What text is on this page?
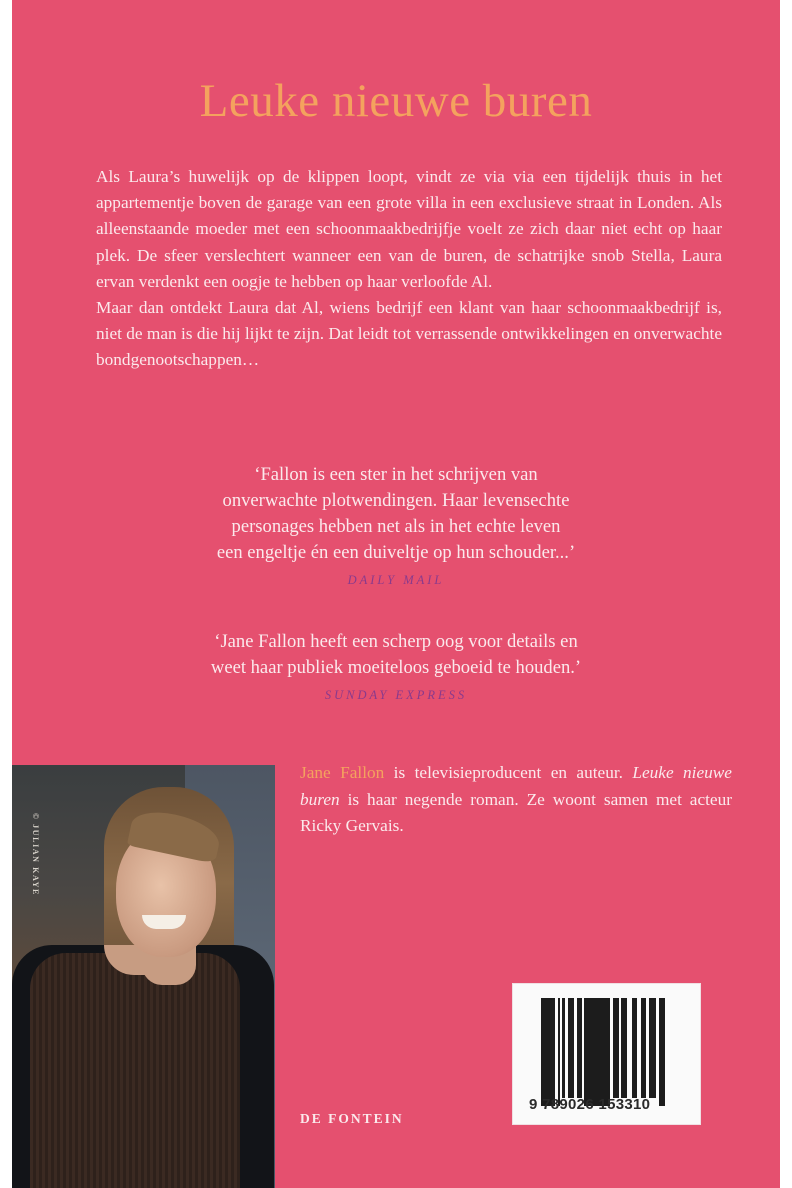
Leuke nieuwe buren

Als Laura’s huwelijk op de klippen loopt, vindt ze via via een tijdelijk thuis in het appartementje boven de garage van een grote villa in een exclusieve straat in Londen. Als alleenstaande moeder met een schoonmaakbedrijfje voelt ze zich daar niet echt op haar plek. De sfeer verslechtert wanneer een van de buren, de schatrijke snob Stella, Laura ervan verdenkt een oogje te hebben op haar verloofde Al.

Maar dan ontdekt Laura dat Al, wiens bedrijf een klant van haar schoonmaakbedrijf is, niet de man is die hij lijkt te zijn. Dat leidt tot verrassende ontwikkelingen en onverwachte bondgenootschappen…

‘Fallon is een ster in het schrijven van
onverwachte plotwendingen. Haar levensechte
personages hebben net als in het echte leven
een engeltje én een duiveltje op hun schouder...’
DAILY MAIL
‘Jane Fallon heeft een scherp oog voor details en
weet haar publiek moeiteloos geboeid te houden.’
SUNDAY EXPRESS
© JULIAN KAYE

Jane Fallon is televisieproducent en auteur. Leuke nieuwe buren is haar negende roman. Ze woont samen met acteur Ricky Gervais.

DE FONTEIN
9 789026 153310
